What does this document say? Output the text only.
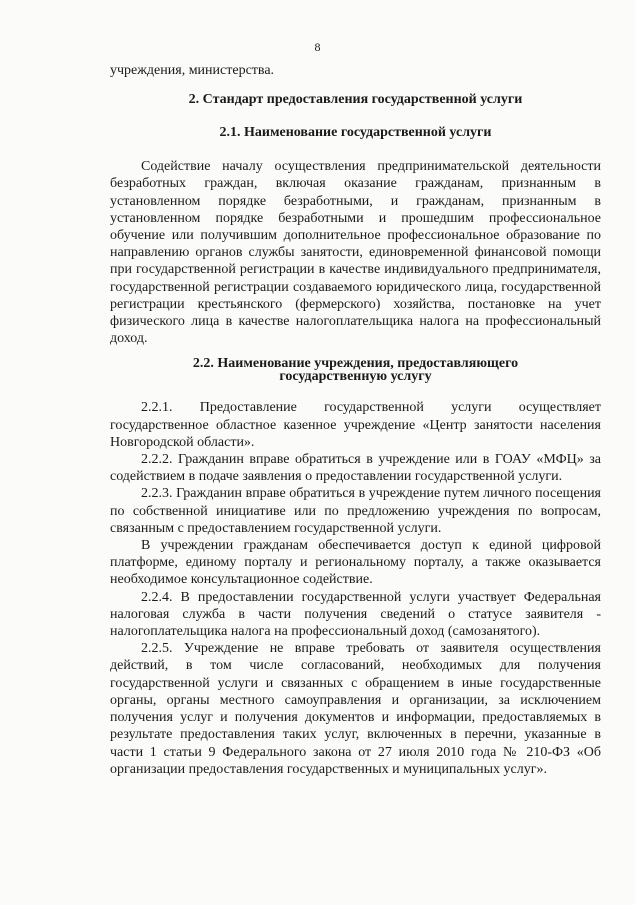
8

учреждения, министерства.

2. Стандарт предоставления государственной услуги
2.1. Наименование государственной услуги

Содействие началу осуществления предпринимательской деятельности безработных граждан, включая оказание гражданам, признанным в установленном порядке безработными, и гражданам, признанным в установленном порядке безработными и прошедшим профессиональное обучение или получившим дополнительное профессиональное образование по направлению органов службы занятости, единовременной финансовой помощи при государственной регистрации в качестве индивидуального предпринимателя, государственной регистрации создаваемого юридического лица, государственной регистрации крестьянского (фермерского) хозяйства, постановке на учет физического лица в качестве налогоплательщика налога на профессиональный доход.

2.2. Наименование учреждения, предоставляющего
государственную услугу

2.2.1. Предоставление государственной услуги осуществляет государственное областное казенное учреждение «Центр занятости населения Новгородской области».

2.2.2. Гражданин вправе обратиться в учреждение или в ГОАУ «МФЦ» за содействием в подаче заявления о предоставлении государственной услуги.

2.2.3. Гражданин вправе обратиться в учреждение путем личного посещения по собственной инициативе или по предложению учреждения по вопросам, связанным с предоставлением государственной услуги.

В учреждении гражданам обеспечивается доступ к единой цифровой платформе, единому порталу и региональному порталу, а также оказывается необходимое консультационное содействие.

2.2.4. В предоставлении государственной услуги участвует Федеральная налоговая служба в части получения сведений о статусе заявителя - налогоплательщика налога на профессиональный доход (самозанятого).

2.2.5. Учреждение не вправе требовать от заявителя осуществления действий, в том числе согласований, необходимых для получения государственной услуги и связанных с обращением в иные государственные органы, органы местного самоуправления и организации, за исключением получения услуг и получения документов и информации, предоставляемых в результате предоставления таких услуг, включенных в перечни, указанные в части 1 статьи 9 Федерального закона от 27 июля 2010 года № 210-ФЗ «Об организации предоставления государственных и муниципальных услуг».
